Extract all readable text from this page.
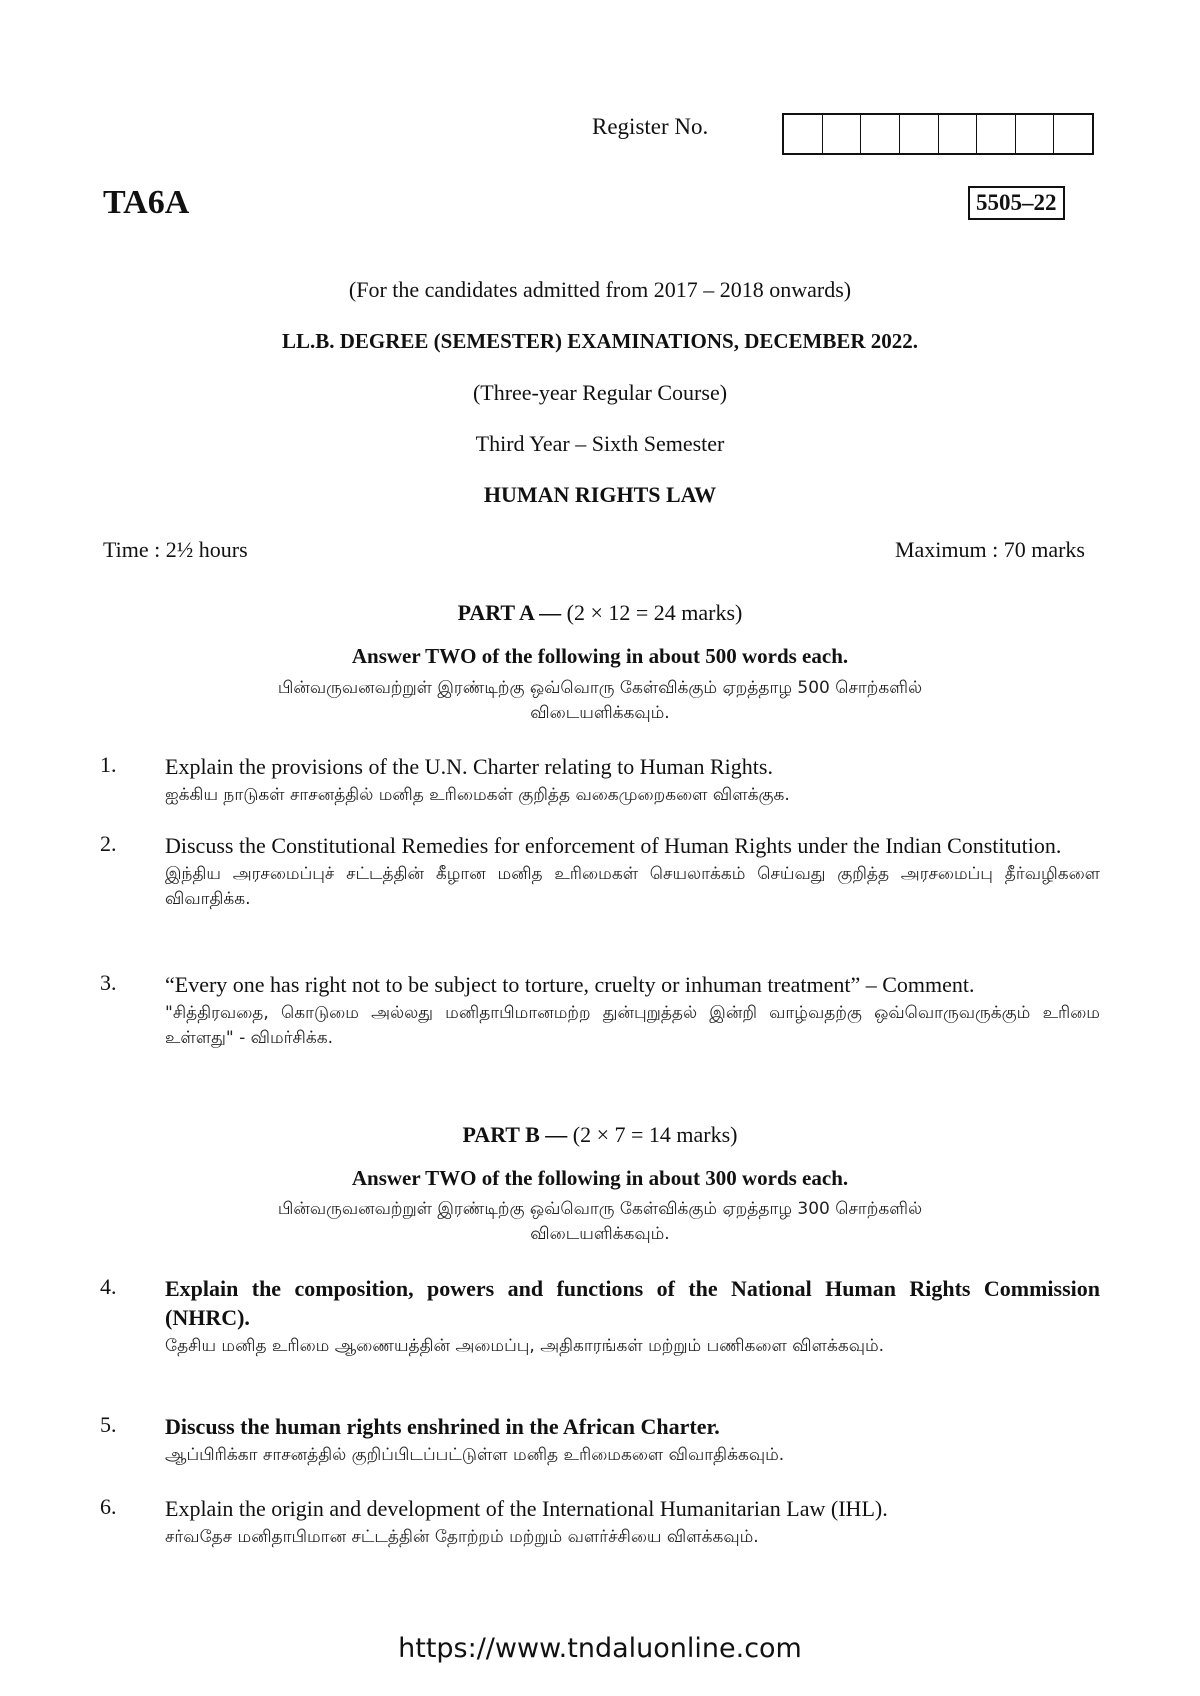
Register No.
TA6A	5505–22
(For the candidates admitted from 2017 – 2018 onwards)
LL.B. DEGREE (SEMESTER) EXAMINATIONS, DECEMBER 2022.
(Three-year Regular Course)
Third Year – Sixth Semester
HUMAN RIGHTS LAW
Time : 2½ hours	Maximum : 70 marks
PART A — (2 × 12 = 24 marks)
Answer TWO of the following in about 500 words each.
பின்வருவனவற்றுள் இரண்டிற்கு ஒவ்வொரு கேள்விக்கும் ஏறத்தாழ 500 சொற்களில்
விடையளிக்கவும்.
1. Explain the provisions of the U.N. Charter relating to Human Rights.

ஐக்கிய நாடுகள் சாசனத்தில் மனித உரிமைகள் குறித்த வகைமுறைகளை விளக்குக.

2. Discuss the Constitutional Remedies for enforcement of Human Rights under the Indian Constitution.

இந்திய அரசமைப்புச் சட்டத்தின் கீழான மனித உரிமைகள் செயலாக்கம் செய்வது குறித்த அரசமைப்பு தீர்வழிகளை விவாதிக்க.

3. “Every one has right not to be subject to torture, cruelty or inhuman treatment” – Comment.

"சித்திரவதை, கொடுமை அல்லது மனிதாபிமானமற்ற துன்புறுத்தல் இன்றி வாழ்வதற்கு ஒவ்வொருவருக்கும் உரிமை உள்ளது" - விமர்சிக்க.

PART B — (2 × 7 = 14 marks)
Answer TWO of the following in about 300 words each.
பின்வருவனவற்றுள் இரண்டிற்கு ஒவ்வொரு கேள்விக்கும் ஏறத்தாழ 300 சொற்களில்
விடையளிக்கவும்.
4. Explain the composition, powers and functions of the National Human Rights Commission (NHRC).

தேசிய மனித உரிமை ஆணையத்தின் அமைப்பு, அதிகாரங்கள் மற்றும் பணிகளை விளக்கவும்.

5. Discuss the human rights enshrined in the African Charter.

ஆப்பிரிக்கா சாசனத்தில் குறிப்பிடப்பட்டுள்ள மனித உரிமைகளை விவாதிக்கவும்.

6. Explain the origin and development of the International Humanitarian Law (IHL).

சர்வதேச மனிதாபிமான சட்டத்தின் தோற்றம் மற்றும் வளர்ச்சியை விளக்கவும்.

https://www.tndaluonline.com
